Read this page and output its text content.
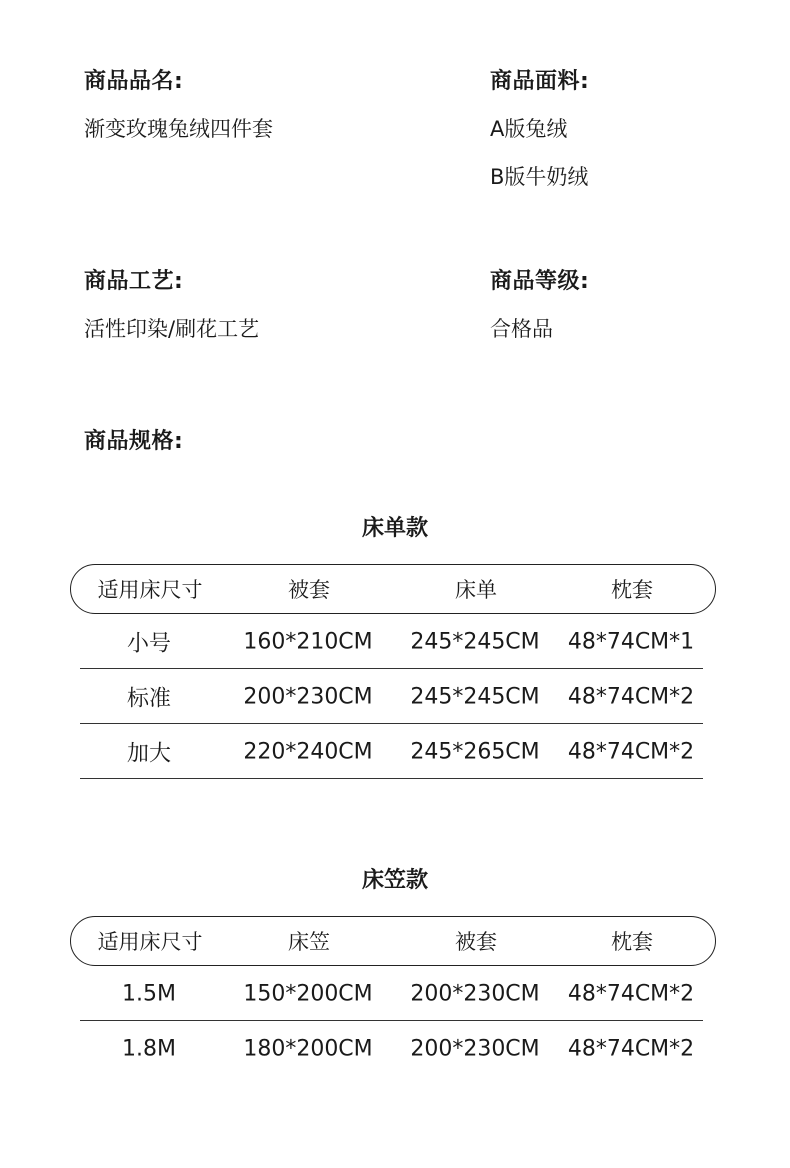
商品品名:
渐变玫瑰兔绒四件套
商品面料:
A版兔绒
B版牛奶绒
商品工艺:
活性印染/刷花工艺
商品等级:
合格品
商品规格:
床单款
适用床尺寸	被套	床单	枕套
小号	160*210CM	245*245CM	48*74CM*1
标准	200*230CM	245*245CM	48*74CM*2
加大	220*240CM	245*265CM	48*74CM*2
床笠款
适用床尺寸	床笠	被套	枕套
1.5M	150*200CM	200*230CM	48*74CM*2
1.8M	180*200CM	200*230CM	48*74CM*2
